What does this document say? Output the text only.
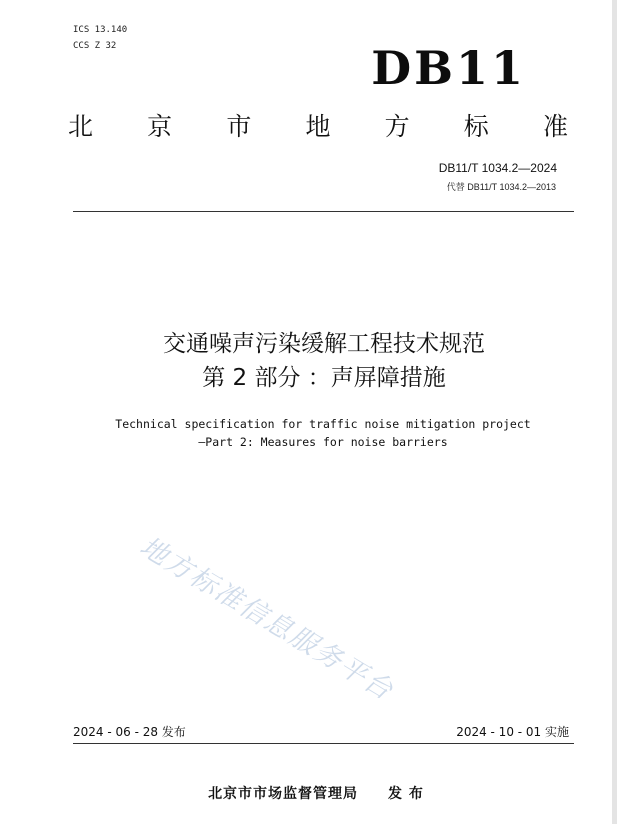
ICS 13.140
CCS Z 32	DB11
北 京 市 地 方 标 准
DB11/T 1034.2—2024
代替 DB11/T 1034.2—2013
交通噪声污染缓解工程技术规范
第 2 部分 ：声屏障措施
Technical specification for traffic noise mitigation project
—Part 2: Measures for noise barriers
地方标准信息服务平台
2024 - 06 - 28 发布	2024 - 10 - 01 实施
北京市市场监督管理局　　发 布
